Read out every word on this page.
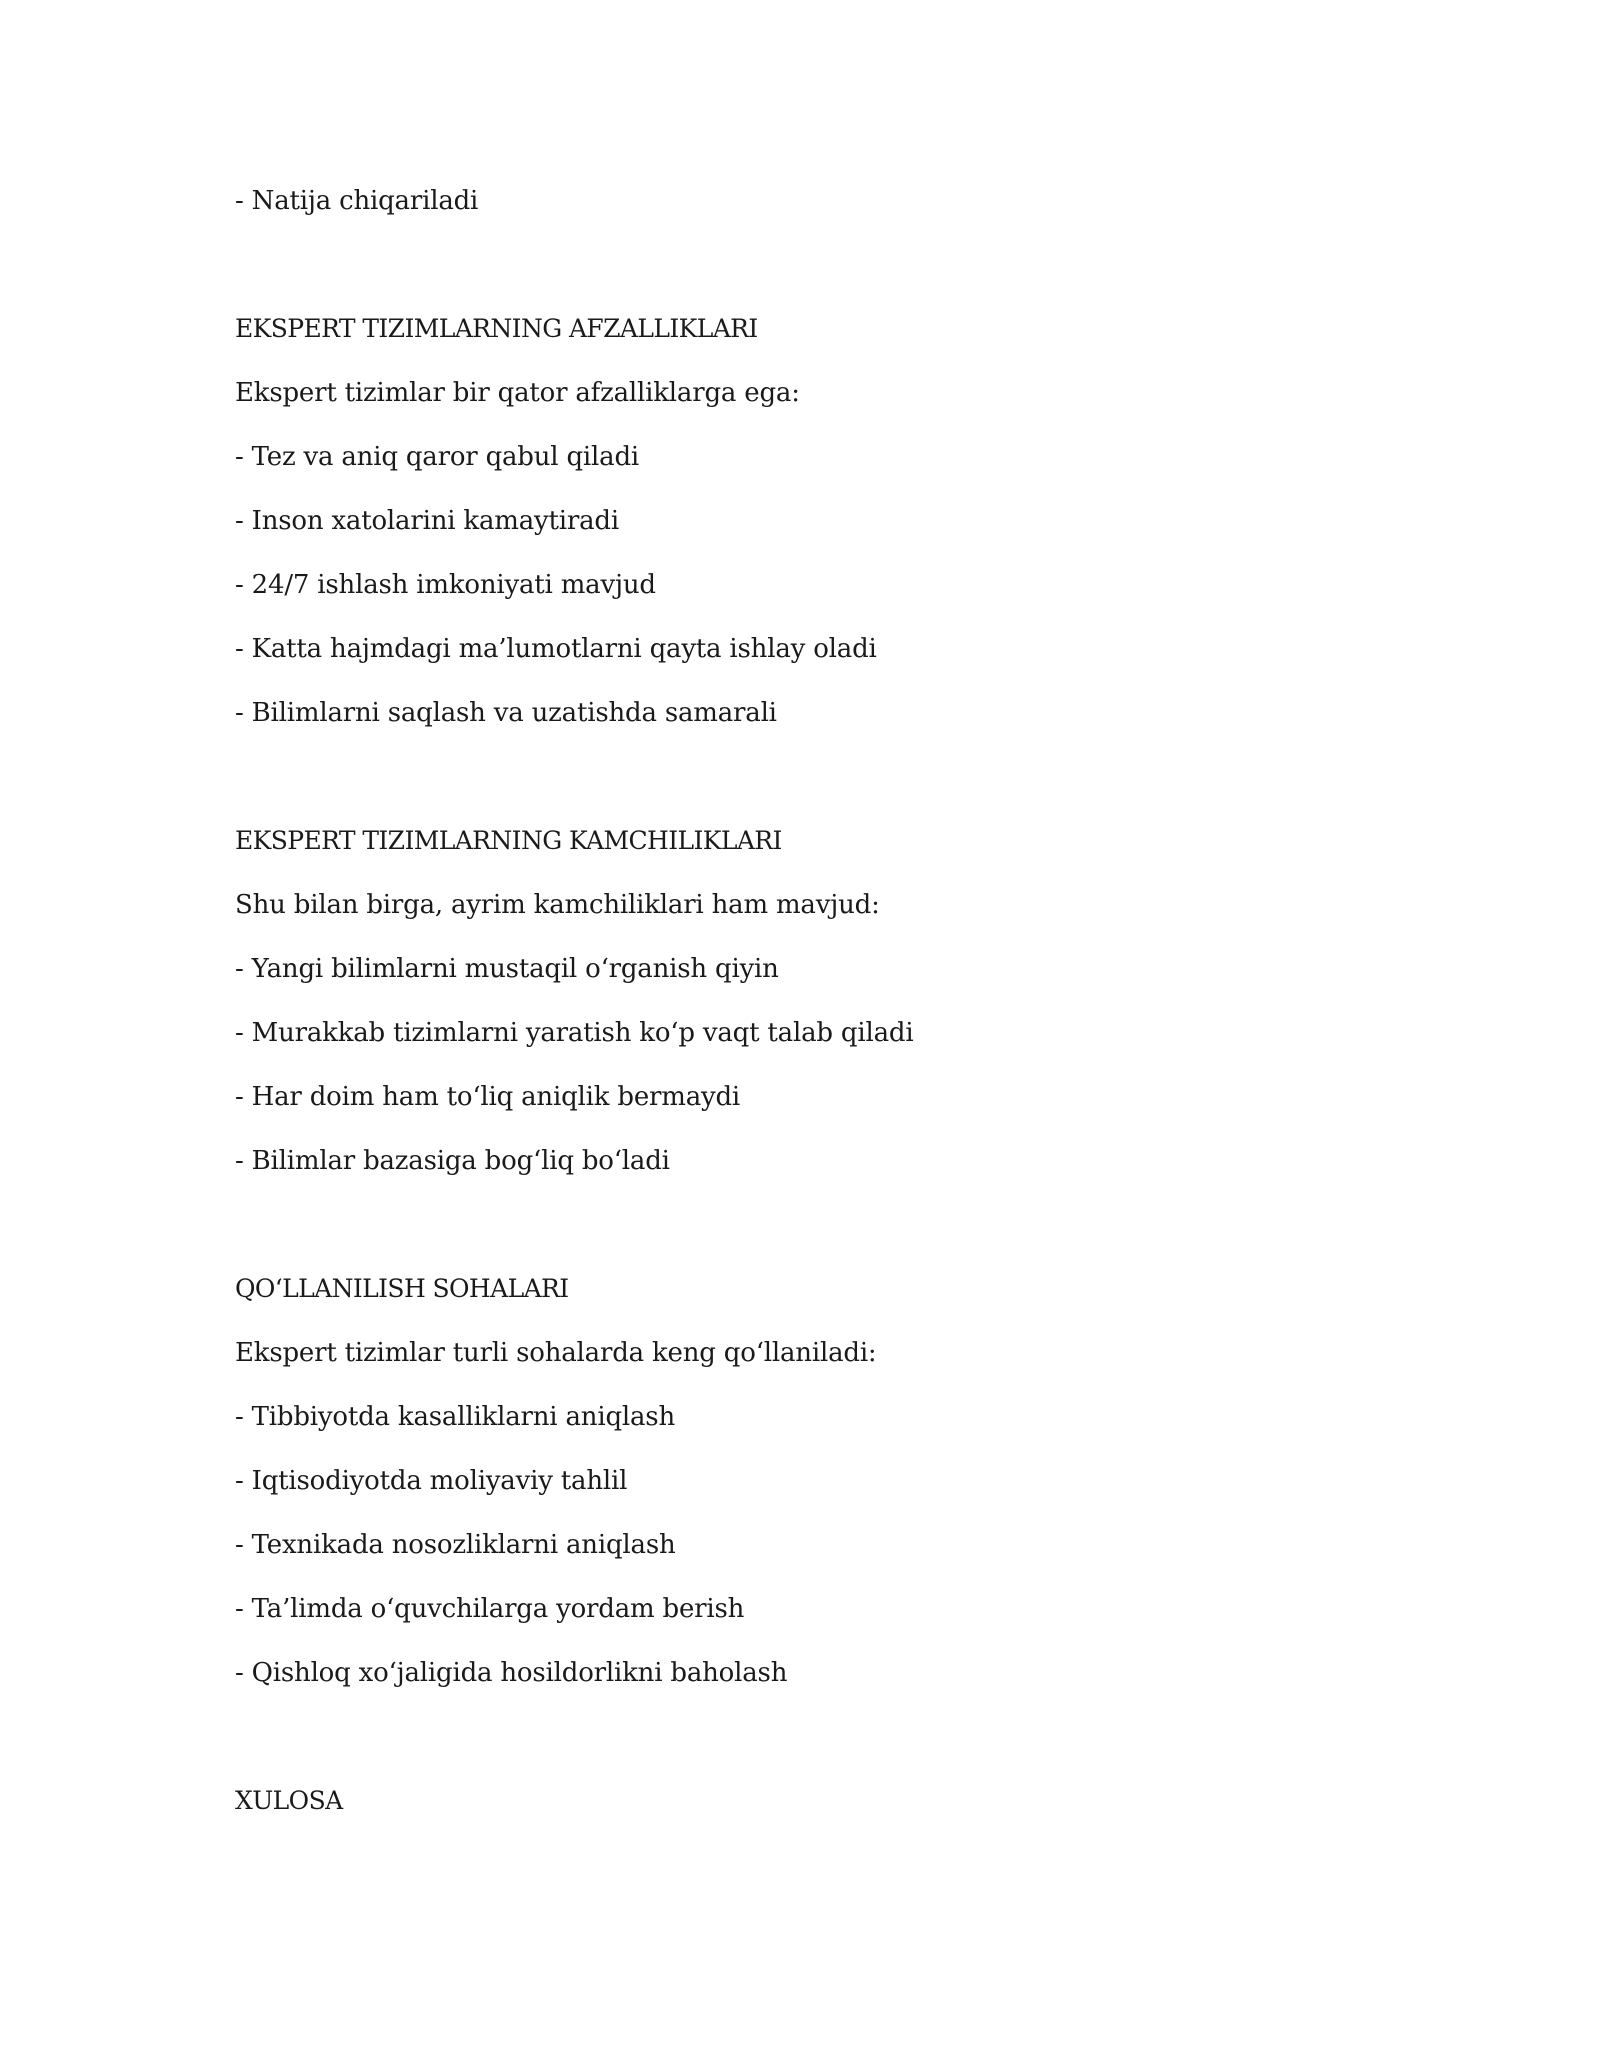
- Natija chiqariladi

EKSPERT TIZIMLARNING AFZALLIKLARI

Ekspert tizimlar bir qator afzalliklarga ega:

- Tez va aniq qaror qabul qiladi

- Inson xatolarini kamaytiradi

- 24/7 ishlash imkoniyati mavjud

- Katta hajmdagi ma’lumotlarni qayta ishlay oladi

- Bilimlarni saqlash va uzatishda samarali

EKSPERT TIZIMLARNING KAMCHILIKLARI

Shu bilan birga, ayrim kamchiliklari ham mavjud:

- Yangi bilimlarni mustaqil o‘rganish qiyin

- Murakkab tizimlarni yaratish ko‘p vaqt talab qiladi

- Har doim ham to‘liq aniqlik bermaydi

- Bilimlar bazasiga bog‘liq bo‘ladi

QO‘LLANILISH SOHALARI

Ekspert tizimlar turli sohalarda keng qo‘llaniladi:

- Tibbiyotda kasalliklarni aniqlash

- Iqtisodiyotda moliyaviy tahlil

- Texnikada nosozliklarni aniqlash

- Ta’limda o‘quvchilarga yordam berish

- Qishloq xo‘jaligida hosildorlikni baholash

XULOSA
